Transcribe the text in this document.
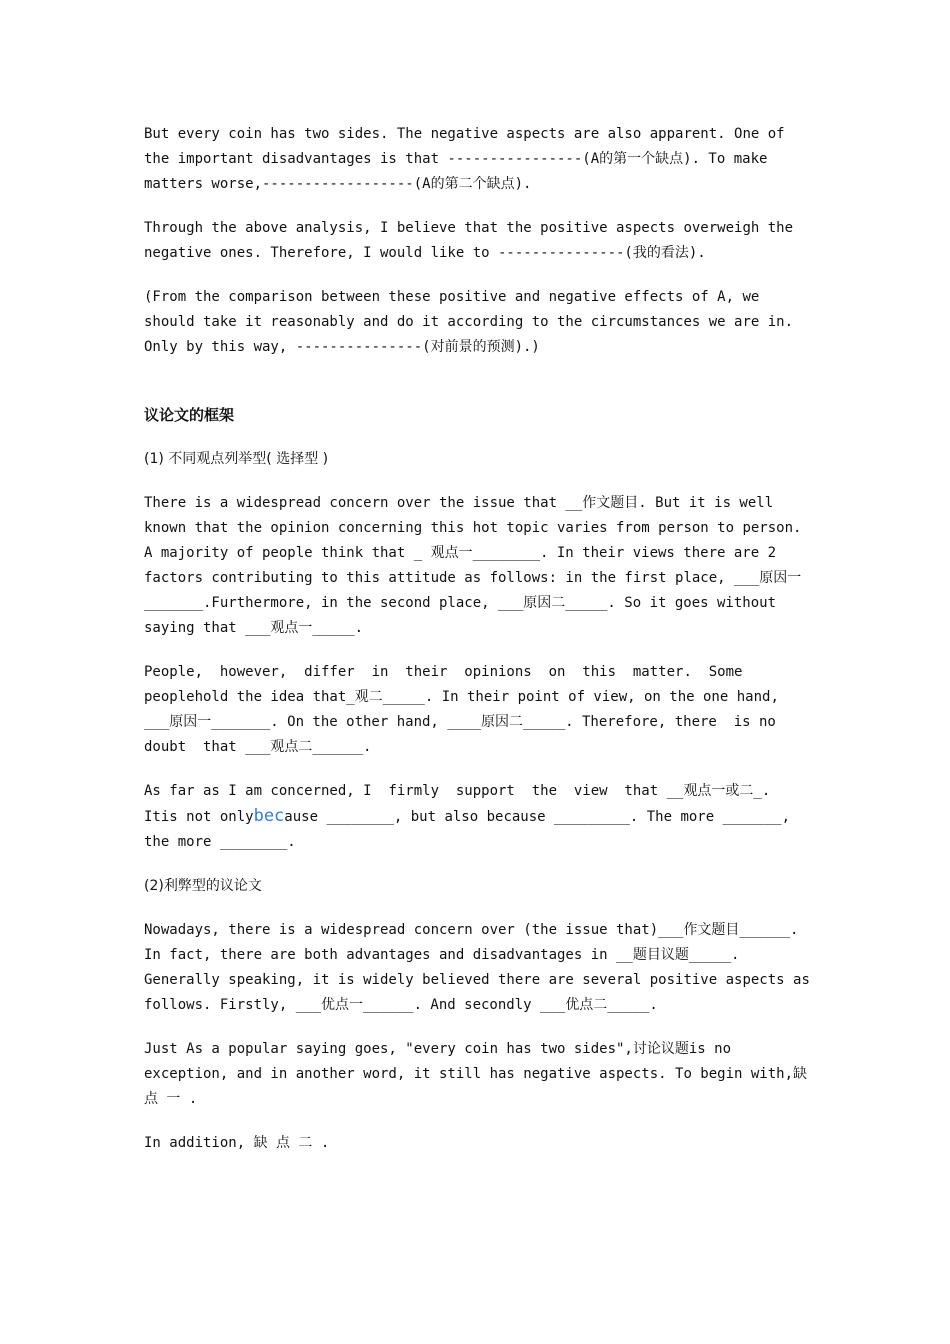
But every coin has two sides. The negative aspects are also apparent. One of the important disadvantages is that ----------------(A的第一个缺点). To make matters worse,------------------(A的第二个缺点).

Through the above analysis, I believe that the positive aspects overweigh the negative ones. Therefore, I would like to ---------------(我的看法).

(From the comparison between these positive and negative effects of A, we should take it reasonably and do it according to the circumstances we are in. Only by this way, ---------------(对前景的预测).)

议论文的框架
(1) 不同观点列举型( 选择型 )

There is a widespread concern over the issue that __作文题目. But it is well known that the opinion concerning this hot topic varies from person to person. A majority of people think that _ 观点一________. In their views there are 2 factors contributing to this attitude as follows: in the first place, ___原因一_______.Furthermore, in the second place, ___原因二_____. So it goes without saying that ___观点一_____.

People,  however,  differ  in  their  opinions  on  this  matter.  Some peoplehold the idea that_观二_____. In their point of view, on the one hand, ___原因一_______. On the other hand, ____原因二_____. Therefore, there  is no doubt  that ___观点二______.

As far as I am concerned, I  firmly  support  the  view  that __观点一或二_. Itis not onlybecause ________, but also because _________. The more _______, the more ________.

(2)利弊型的议论文

Nowadays, there is a widespread concern over (the issue that)___作文题目______. In fact, there are both advantages and disadvantages in __题目议题_____. Generally speaking, it is widely believed there are several positive aspects as follows. Firstly, ___优点一______. And secondly ___优点二_____.

Just As a popular saying goes, "every coin has two sides",讨论议题is no exception, and in another word, it still has negative aspects. To begin with,缺 点 一 .

In addition, 缺 点 二 .
